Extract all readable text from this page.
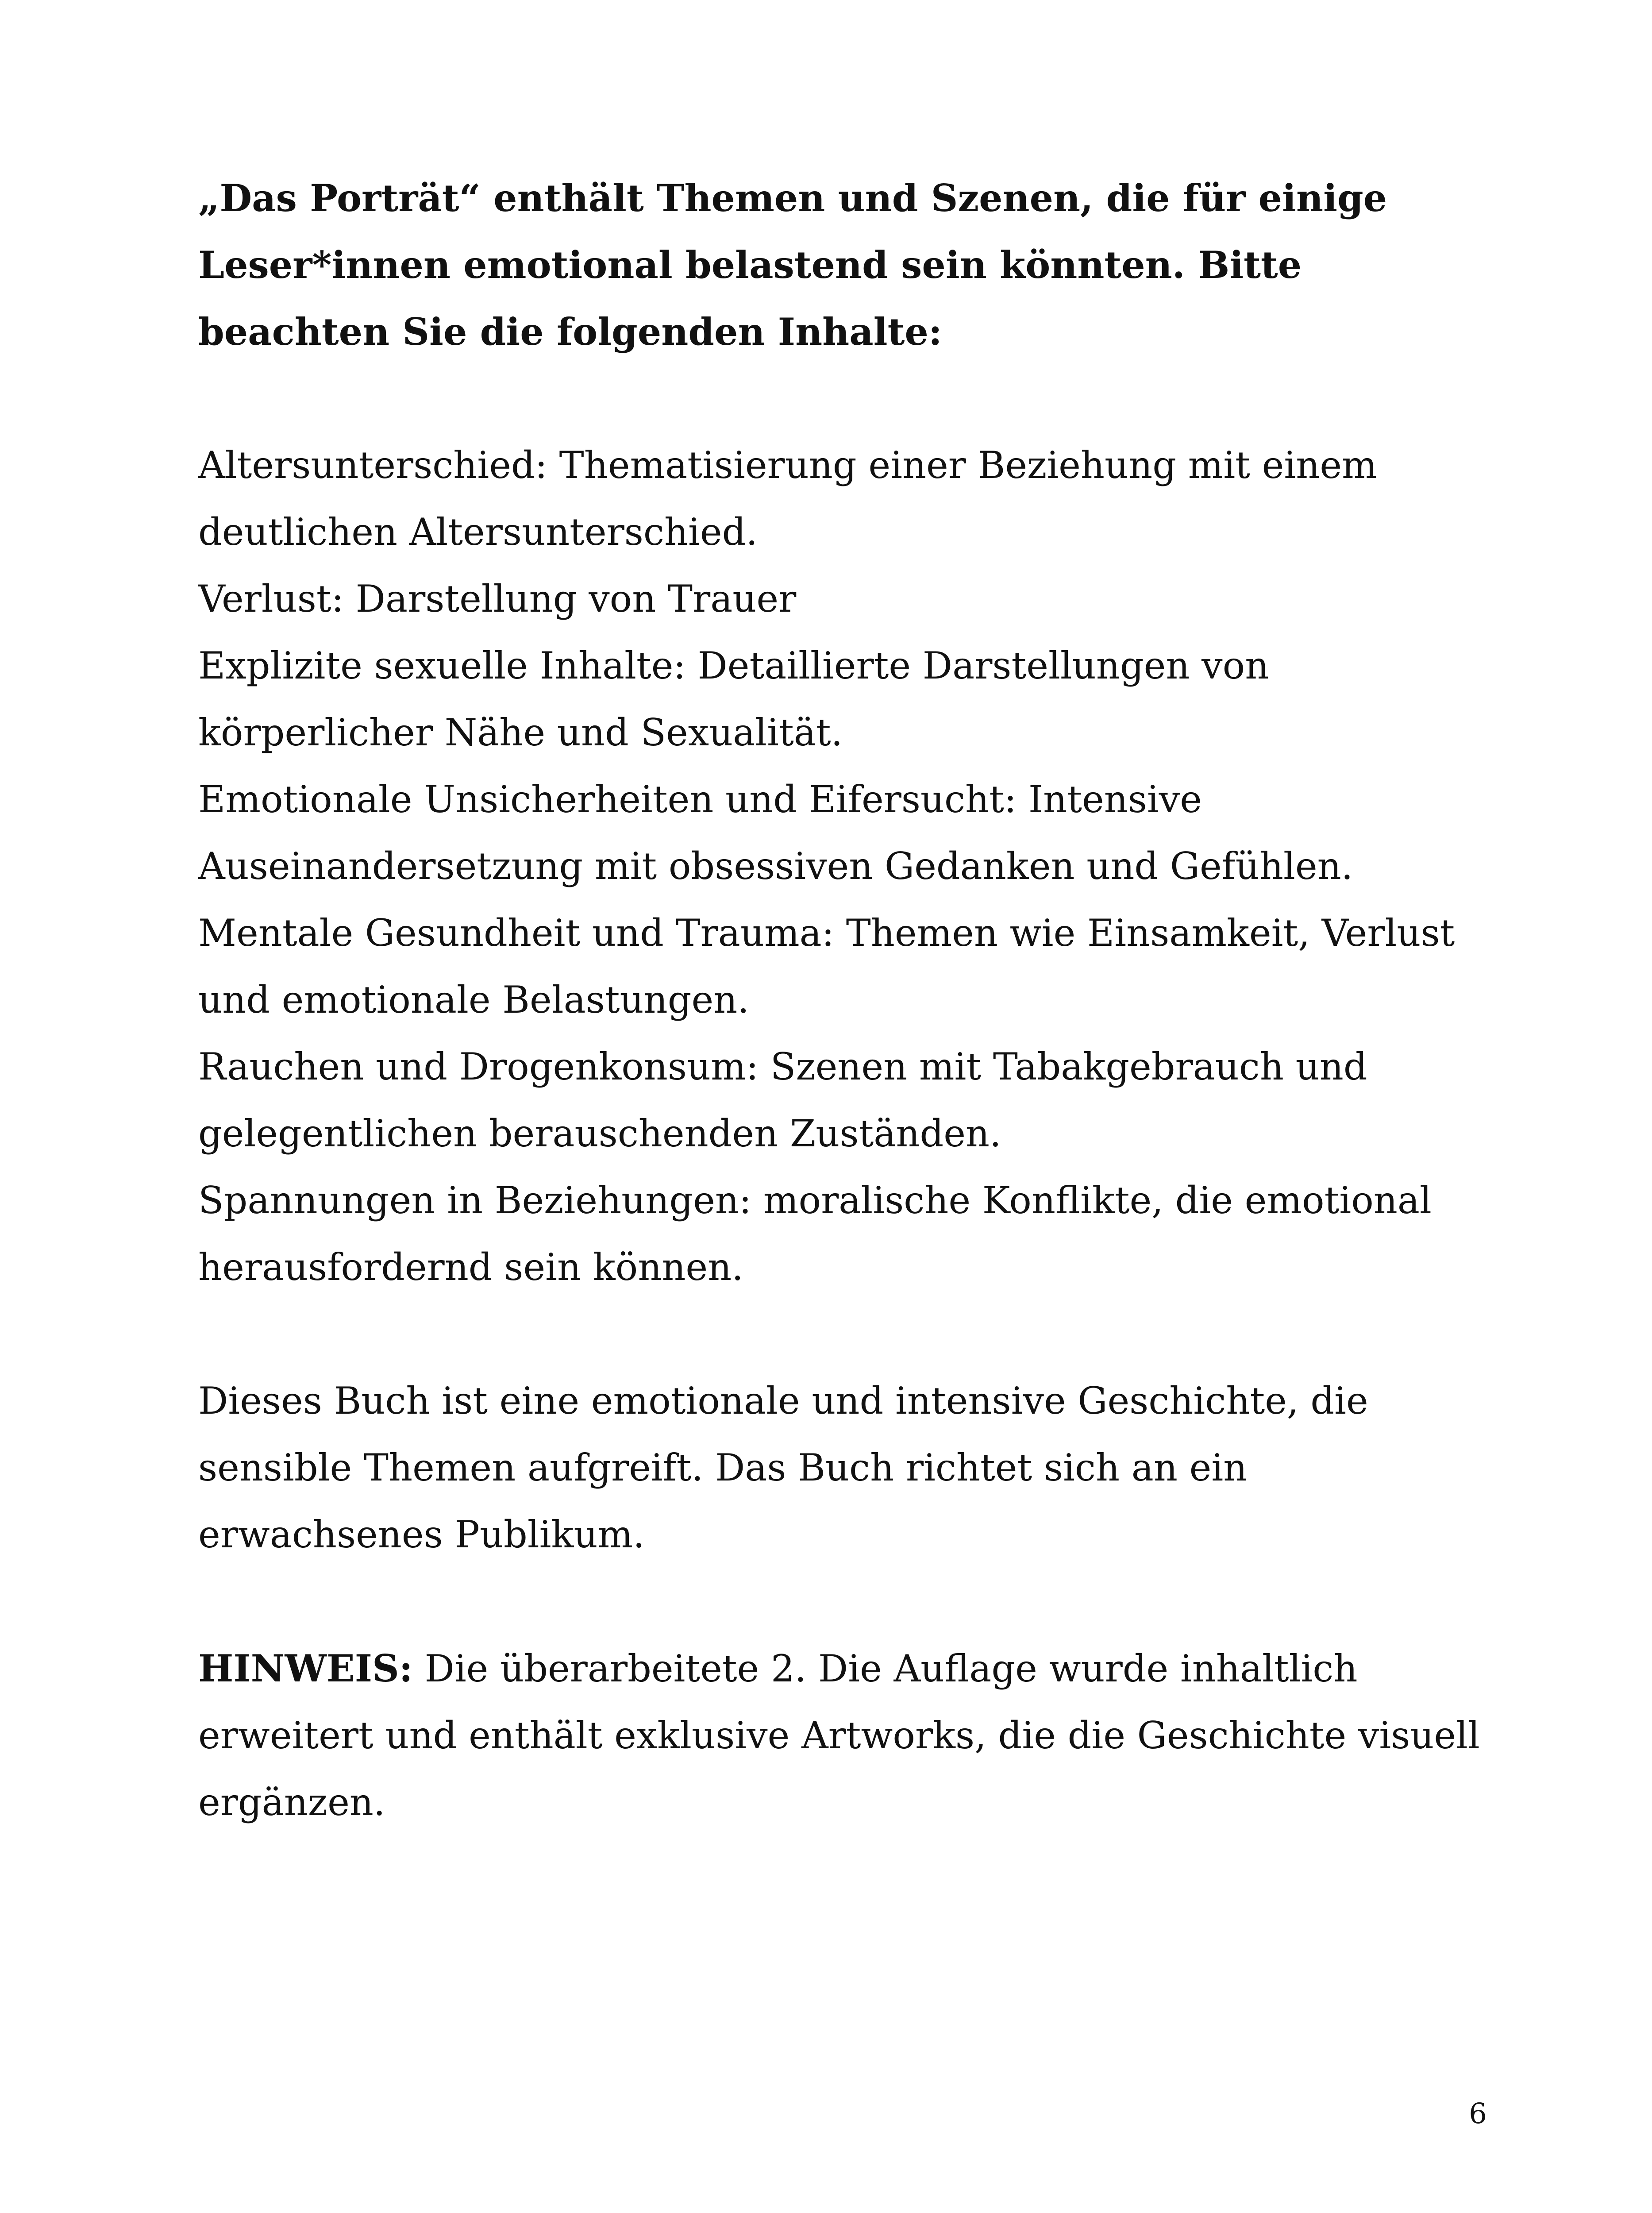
„Das Porträt“ enthält Themen und Szenen, die für einige Leser*innen emotional belastend sein könnten. Bitte beachten Sie die folgenden Inhalte:

Altersunterschied: Thematisierung einer Beziehung mit einem deutlichen Altersunterschied.
Verlust: Darstellung von Trauer
Explizite sexuelle Inhalte: Detaillierte Darstellungen von körperlicher Nähe und Sexualität.
Emotionale Unsicherheiten und Eifersucht: Intensive Auseinandersetzung mit obsessiven Gedanken und Gefühlen.
Mentale Gesundheit und Trauma: Themen wie Einsamkeit, Verlust und emotionale Belastungen.
Rauchen und Drogenkonsum: Szenen mit Tabakgebrauch und gelegentlichen berauschenden Zuständen.
Spannungen in Beziehungen: moralische Konflikte, die emotional herausfordernd sein können.

Dieses Buch ist eine emotionale und intensive Geschichte, die sensible Themen aufgreift. Das Buch richtet sich an ein erwachsenes Publikum.

HINWEIS: Die überarbeitete 2. Die Auflage wurde inhaltlich erweitert und enthält exklusive Artworks, die die Geschichte visuell ergänzen.

6
